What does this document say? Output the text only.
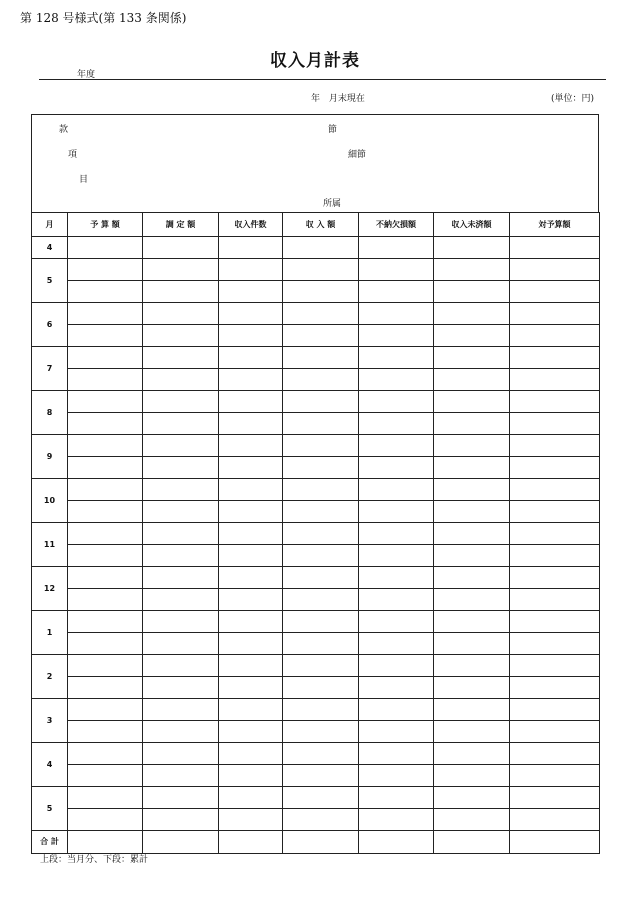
第 128 号様式(第 133 条関係)
収入月計表
年度
年 月末現在	(単位：円)
款	節
項	細節
目
所属
月	予 算 額	調 定 額	収入件数	収 入 額	不納欠損額	収入未済額	対予算額
4							
5							

6							

7							

8							

9							

10							

11							

12							

1							

2							

3							

4							

5							

合 計							
上段：当月分、下段：累計
